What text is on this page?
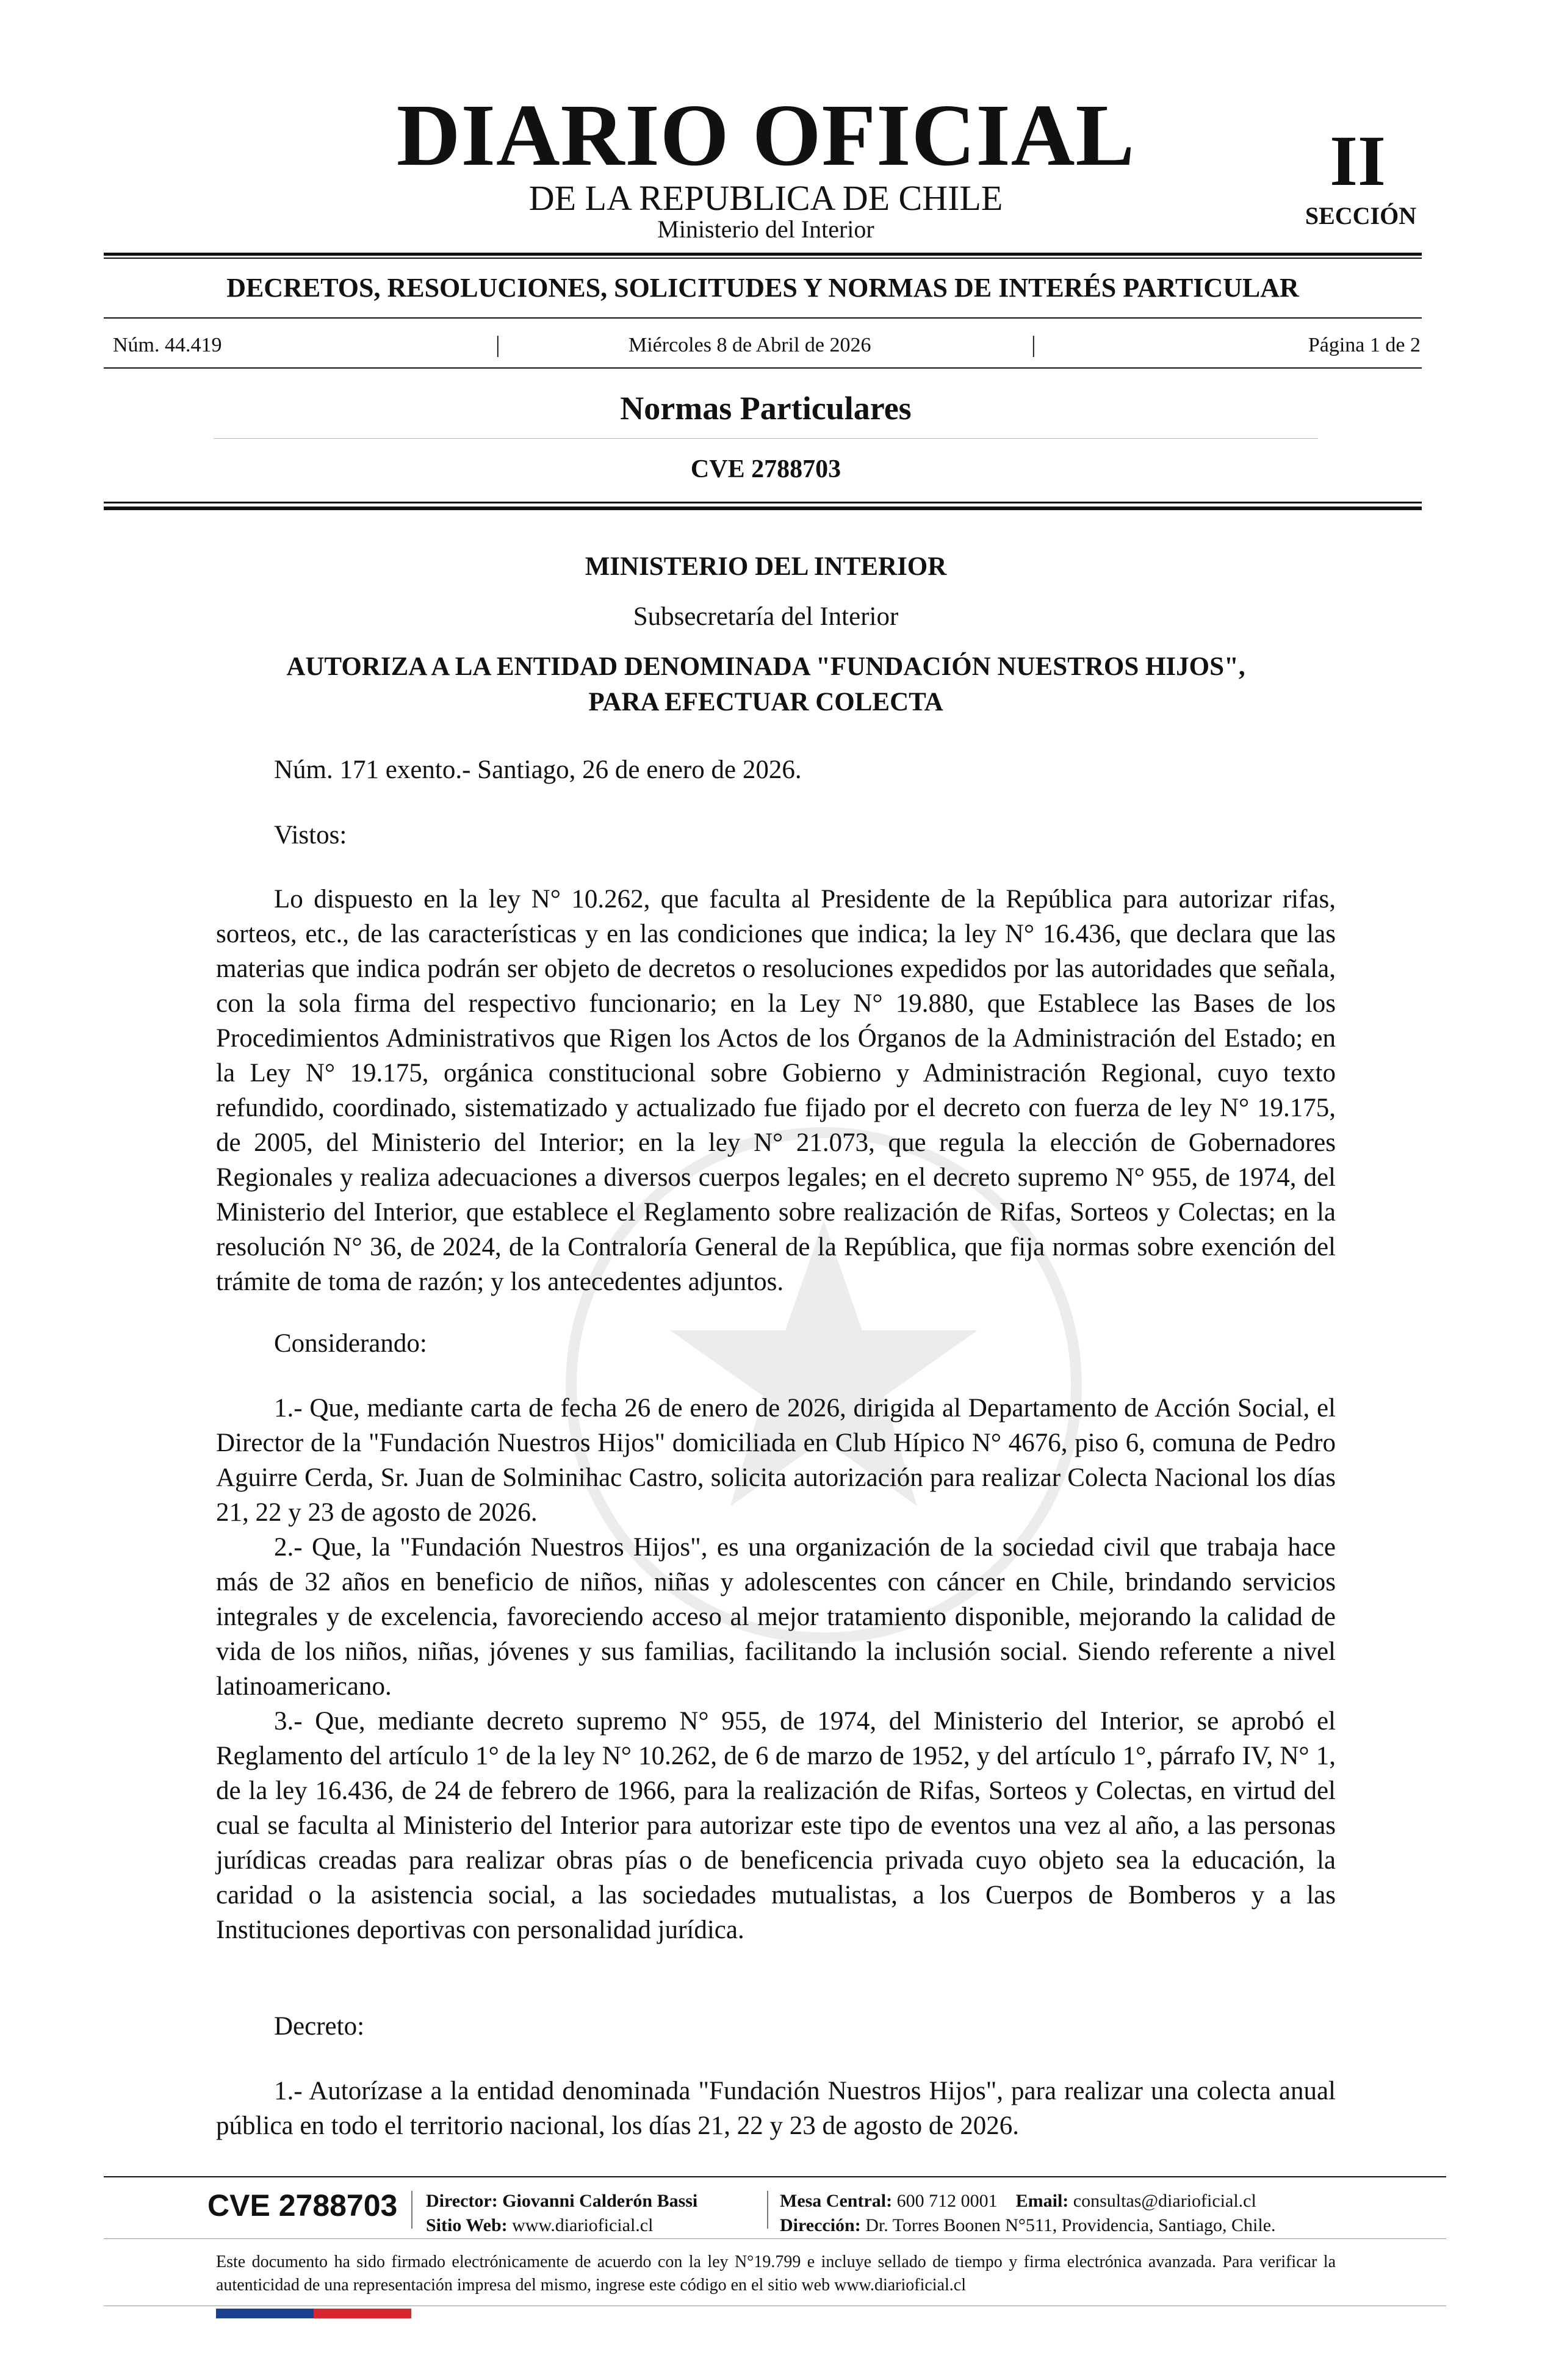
DIARIO OFICIAL
DE LA REPUBLICA DE CHILE
Ministerio del Interior
II
SECCIÓN
DECRETOS, RESOLUCIONES, SOLICITUDES Y NORMAS DE INTERÉS PARTICULAR
Núm. 44.419	|	Miércoles 8 de Abril de 2026	|	Página 1 de 2
Normas Particulares
CVE 2788703
MINISTERIO DEL INTERIOR
Subsecretaría del Interior
AUTORIZA A LA ENTIDAD DENOMINADA "FUNDACIÓN NUESTROS HIJOS",
PARA EFECTUAR COLECTA
Núm. 171 exento.- Santiago, 26 de enero de 2026.
Vistos:
Lo dispuesto en la ley N° 10.262, que faculta al Presidente de la República para autorizar rifas, sorteos, etc., de las características y en las condiciones que indica; la ley N° 16.436, que declara que las materias que indica podrán ser objeto de decretos o resoluciones expedidos por las autoridades que señala, con la sola firma del respectivo funcionario; en la Ley N° 19.880, que Establece las Bases de los Procedimientos Administrativos que Rigen los Actos de los Órganos de la Administración del Estado; en la Ley N° 19.175, orgánica constitucional sobre Gobierno y Administración Regional, cuyo texto refundido, coordinado, sistematizado y actualizado fue fijado por el decreto con fuerza de ley N° 19.175, de 2005, del Ministerio del Interior; en la ley N° 21.073, que regula la elección de Gobernadores Regionales y realiza adecuaciones a diversos cuerpos legales; en el decreto supremo N° 955, de 1974, del Ministerio del Interior, que establece el Reglamento sobre realización de Rifas, Sorteos y Colectas; en la resolución N° 36, de 2024, de la Contraloría General de la República, que fija normas sobre exención del trámite de toma de razón; y los antecedentes adjuntos.
Considerando:
1.- Que, mediante carta de fecha 26 de enero de 2026, dirigida al Departamento de Acción Social, el Director de la "Fundación Nuestros Hijos" domiciliada en Club Hípico N° 4676, piso 6, comuna de Pedro Aguirre Cerda, Sr. Juan de Solminihac Castro, solicita autorización para realizar Colecta Nacional los días 21, 22 y 23 de agosto de 2026.
2.- Que, la "Fundación Nuestros Hijos", es una organización de la sociedad civil que trabaja hace más de 32 años en beneficio de niños, niñas y adolescentes con cáncer en Chile, brindando servicios integrales y de excelencia, favoreciendo acceso al mejor tratamiento disponible, mejorando la calidad de vida de los niños, niñas, jóvenes y sus familias, facilitando la inclusión social. Siendo referente a nivel latinoamericano.
3.- Que, mediante decreto supremo N° 955, de 1974, del Ministerio del Interior, se aprobó el Reglamento del artículo 1° de la ley N° 10.262, de 6 de marzo de 1952, y del artículo 1°, párrafo IV, N° 1, de la ley 16.436, de 24 de febrero de 1966, para la realización de Rifas, Sorteos y Colectas, en virtud del cual se faculta al Ministerio del Interior para autorizar este tipo de eventos una vez al año, a las personas jurídicas creadas para realizar obras pías o de beneficencia privada cuyo objeto sea la educación, la caridad o la asistencia social, a las sociedades mutualistas, a los Cuerpos de Bomberos y a las Instituciones deportivas con personalidad jurídica.
Decreto:
1.- Autorízase a la entidad denominada "Fundación Nuestros Hijos", para realizar una colecta anual pública en todo el territorio nacional, los días 21, 22 y 23 de agosto de 2026.
CVE 2788703 Director: Giovanni Calderón Bassi
Sitio Web: www.diarioficial.cl
Mesa Central: 600 712 0001 Email: consultas@diarioficial.cl
Dirección: Dr. Torres Boonen N°511, Providencia, Santiago, Chile.
Este documento ha sido firmado electrónicamente de acuerdo con la ley N°19.799 e incluye sellado de tiempo y firma electrónica avanzada. Para verificar la autenticidad de una representación impresa del mismo, ingrese este código en el sitio web www.diarioficial.cl
